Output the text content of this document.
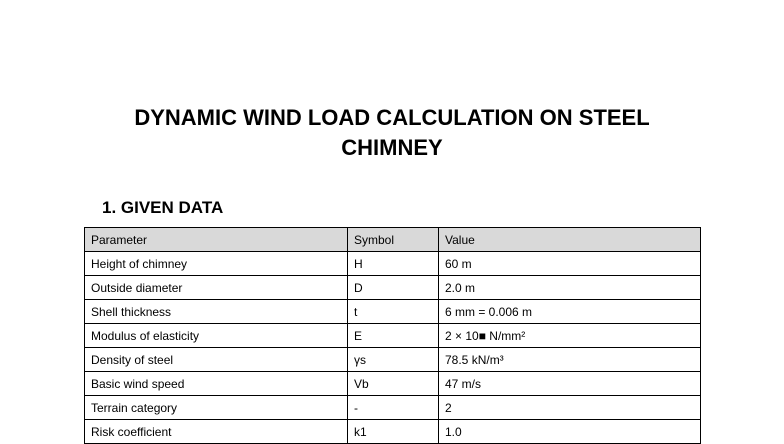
DYNAMIC WIND LOAD CALCULATION ON STEEL
CHIMNEY
1. GIVEN DATA
Parameter	Symbol	Value
Height of chimney	H	60 m
Outside diameter	D	2.0 m
Shell thickness	t	6 mm = 0.006 m
Modulus of elasticity	E	2 × 10■ N/mm²
Density of steel	γs	78.5 kN/m³
Basic wind speed	Vb	47 m/s
Terrain category	-	2
Risk coefficient	k1	1.0
